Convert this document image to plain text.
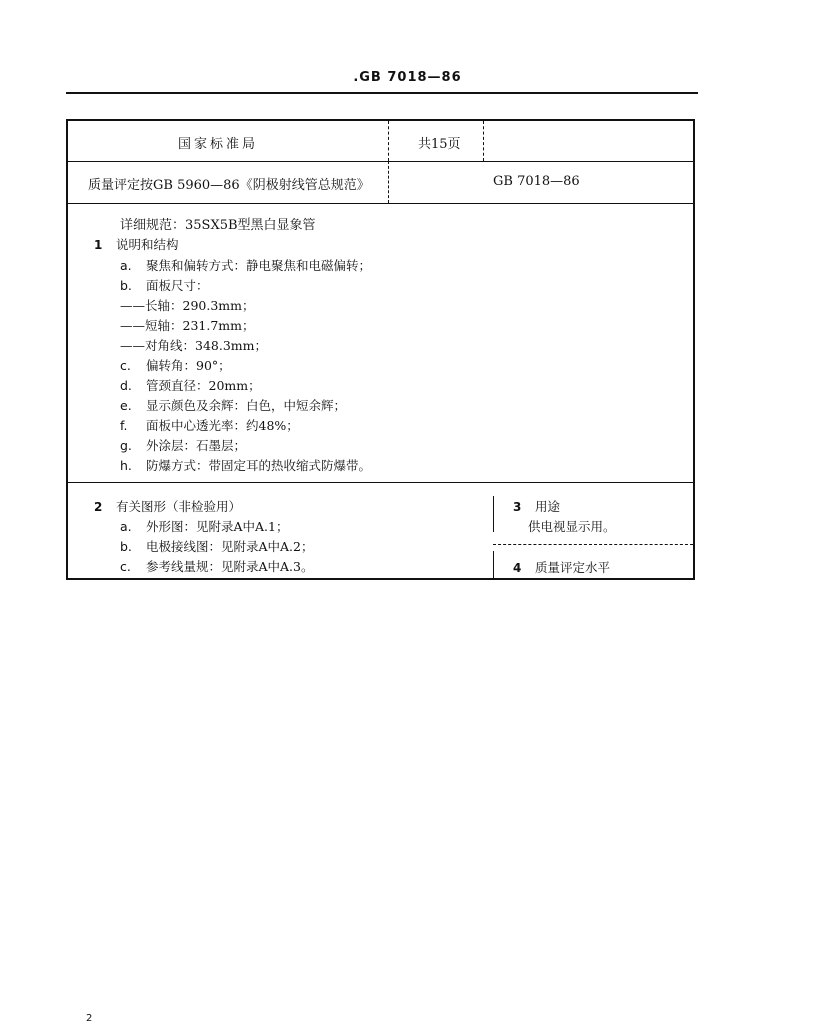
.GB 7018—86
国家标准局	共15页
质量评定按GB 5960—86《阴极射线管总规范》	GB 7018—86
详细规范：35SX5B型黑白显象管
1 说明和结构
a. 聚焦和偏转方式：静电聚焦和电磁偏转；
b. 面板尺寸：
——长轴：290.3mm；
——短轴：231.7mm；
——对角线：348.3mm；
c. 偏转角：90°；
d. 管颈直径：20mm；
e. 显示颜色及余辉：白色，中短余辉；
f. 面板中心透光率：约48%；
g. 外涂层：石墨层；
h. 防爆方式：带固定耳的热收缩式防爆带。
2 有关图形（非检验用）
a. 外形图：见附录A中A.1；
b. 电极接线图：见附录A中A.2；
c. 参考线量规：见附录A中A.3。
3 用途
供电视显示用。
4 质量评定水平
2
